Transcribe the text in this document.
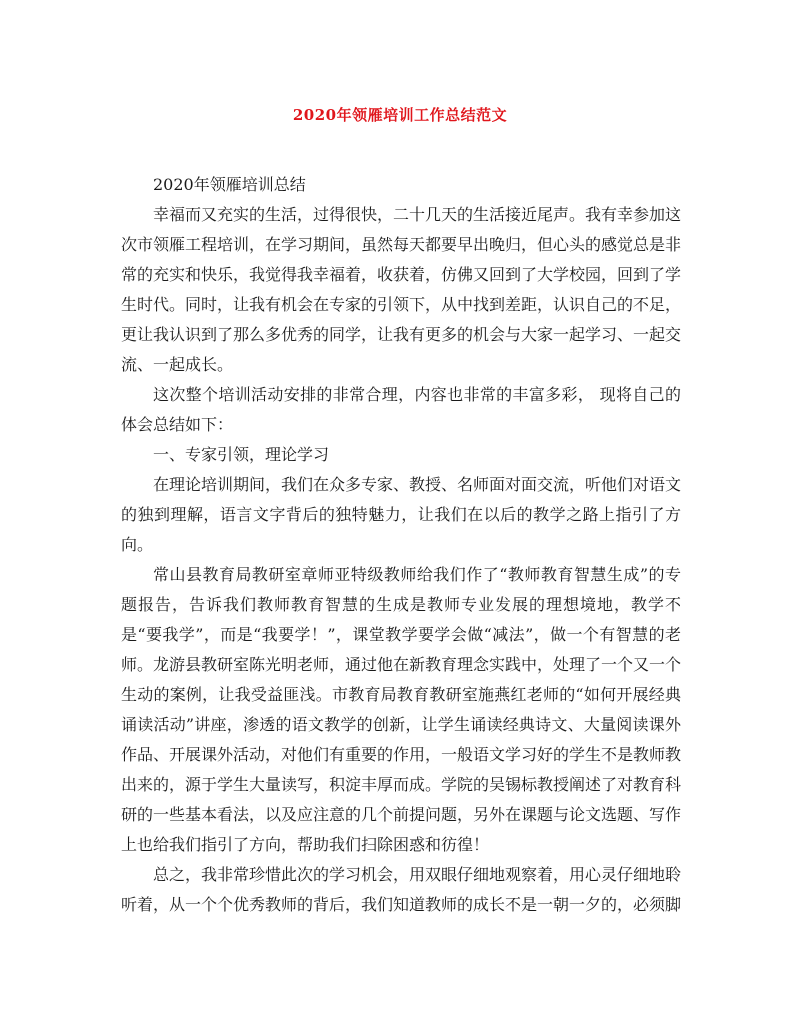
2020年领雁培训工作总结范文

2020年领雁培训总结

幸福而又充实的生活，过得很快，二十几天的生活接近尾声。我有幸参加这次市领雁工程培训，在学习期间，虽然每天都要早出晚归，但心头的感觉总是非常的充实和快乐，我觉得我幸福着，收获着，仿佛又回到了大学校园，回到了学生时代。同时，让我有机会在专家的引领下，从中找到差距，认识自己的不足，更让我认识到了那么多优秀的同学，让我有更多的机会与大家一起学习、一起交流、一起成长。

这次整个培训活动安排的非常合理，内容也非常的丰富多彩， 现将自己的体会总结如下：

一、专家引领，理论学习

在理论培训期间，我们在众多专家、教授、名师面对面交流，听他们对语文的独到理解，语言文字背后的独特魅力，让我们在以后的教学之路上指引了方向。

常山县教育局教研室章师亚特级教师给我们作了“教师教育智慧生成”的专题报告，告诉我们教师教育智慧的生成是教师专业发展的理想境地，教学不是“要我学”，而是“我要学！”，课堂教学要学会做“减法”，做一个有智慧的老师。龙游县教研室陈光明老师，通过他在新教育理念实践中，处理了一个又一个生动的案例，让我受益匪浅。市教育局教育教研室施燕红老师的“如何开展经典诵读活动”讲座，渗透的语文教学的创新，让学生诵读经典诗文、大量阅读课外作品、开展课外活动，对他们有重要的作用，一般语文学习好的学生不是教师教出来的，源于学生大量读写，积淀丰厚而成。学院的吴锡标教授阐述了对教育科研的一些基本看法，以及应注意的几个前提问题，另外在课题与论文选题、写作上也给我们指引了方向，帮助我们扫除困惑和彷徨！

总之，我非常珍惜此次的学习机会，用双眼仔细地观察着，用心灵仔细地聆听着，从一个个优秀教师的背后，我们知道教师的成长不是一朝一夕的，必须脚
